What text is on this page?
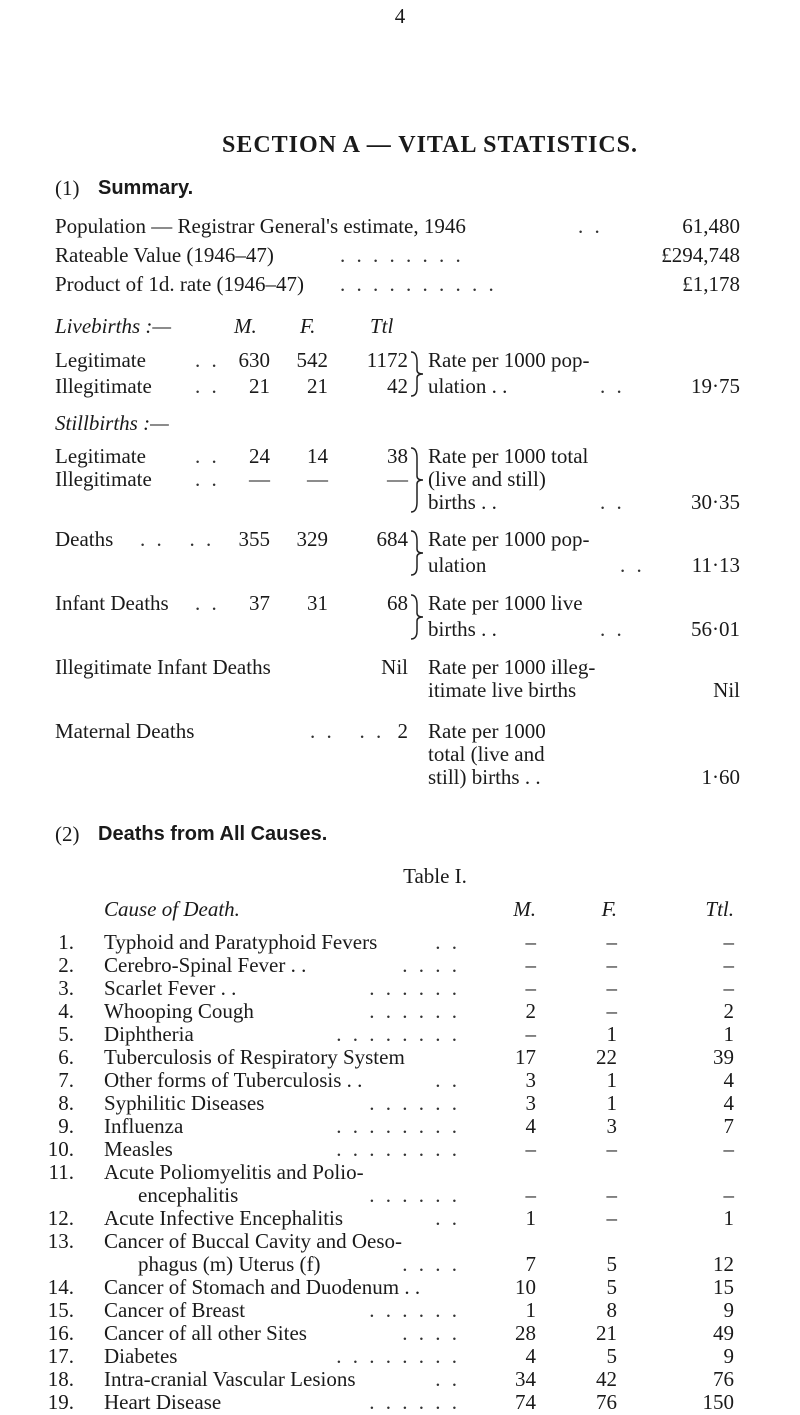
4
SECTION A — VITAL STATISTICS.
(1) Summary.
Population — Registrar General's estimate, 1946	. .	61,480
Rateable Value (1946–47)	. . . . . . . .	£294,748
Product of 1d. rate (1946–47) . . . . . . . . . .	£1,178
Livebirths :—	M. F.	Ttl
Legitimate . . 630	542	1172
Illegitimate . .	21	21	42
Rate per 1000 pop-
ulation . .	. .	19·75
Stillbirths :—
Legitimate . .	24	14	38
Illegitimate . .	—	—	—
Rate per 1000 total
(live and still)
births . .	. .	30·35
Deaths . .   . .	355	329	684 Rate per 1000 pop-
ulation	. .	11·13
Infant Deaths . .	37	31	68 Rate per 1000 live
births . .	. .	56·01
Illegitimate Infant Deaths	Nil Rate per 1000 illeg-
itimate live births	Nil
Maternal Deaths	. .   . . 2 Rate per 1000
total (live and
still) births . .	1·60
(2) Deaths from All Causes.
Table I.
Cause of Death.	M.	F.	Ttl.
1. Typhoid and Paratyphoid Fevers	. .	–	–	–
2. Cerebro-Spinal Fever . .	. . . .	–	–	–
3. Scarlet Fever . .	. . . . . .	–	–	–
4. Whooping Cough	. . . . . .	2	–	2
5. Diphtheria	. . . . . . . .	–	1	1
6. Tuberculosis of Respiratory System	17	22	39
7. Other forms of Tuberculosis . .	. .	3	1	4
8. Syphilitic Diseases	. . . . . .	3	1	4
9. Influenza	. . . . . . . .	4	3	7
10. Measles	. . . . . . . .	–	–	–
11. Acute Poliomyelitis and Polio-
encephalitis	. . . . . .	–	–	–
12. Acute Infective Encephalitis	. .	1	–	1
13. Cancer of Buccal Cavity and Oeso-
phagus (m) Uterus (f)	. . . .	7	5	12
14. Cancer of Stomach and Duodenum . .	10	5	15
15. Cancer of Breast	. . . . . .	1	8	9
16. Cancer of all other Sites	. . . .	28	21	49
17. Diabetes	. . . . . . . .	4	5	9
18. Intra-cranial Vascular Lesions	. .	34	42	76
19. Heart Disease	. . . . . .	74	76	150
